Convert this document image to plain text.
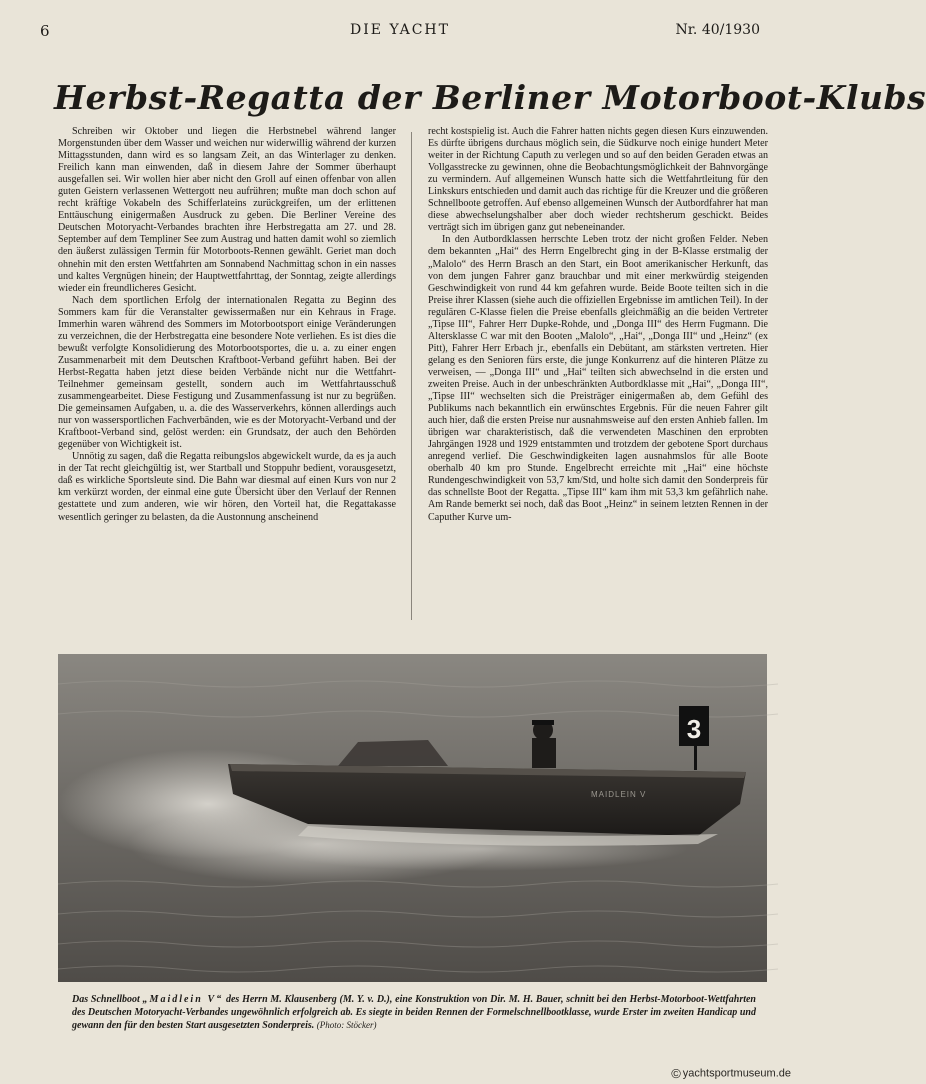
6	DIE YACHT	Nr. 40/1930
Herbst-Regatta der Berliner Motorboot-Klubs

Schreiben wir Oktober und liegen die Herbstnebel während langer Morgenstunden über dem Wasser und weichen nur widerwillig während der kurzen Mittagsstunden, dann wird es so langsam Zeit, an das Winterlager zu denken. Freilich kann man einwenden, daß in diesem Jahre der Sommer überhaupt ausgefallen sei. Wir wollen hier aber nicht den Groll auf einen offenbar von allen guten Geistern verlassenen Wettergott neu aufrühren; mußte man doch schon auf recht kräftige Vokabeln des Schifferlateins zurückgreifen, um der erlittenen Enttäuschung einigermaßen Ausdruck zu geben. Die Berliner Vereine des Deutschen Motoryacht-Verbandes brachten ihre Herbstregatta am 27. und 28. September auf dem Templiner See zum Austrag und hatten damit wohl so ziemlich den äußerst zulässigen Termin für Motorboots-Rennen gewählt. Geriet man doch ohnehin mit den ersten Wettfahrten am Sonnabend Nachmittag schon in ein nasses und kaltes Vergnügen hinein; der Hauptwettfahrttag, der Sonntag, zeigte allerdings wieder ein freundlicheres Gesicht.

Nach dem sportlichen Erfolg der internationalen Regatta zu Beginn des Sommers kam für die Veranstalter gewissermaßen nur ein Kehraus in Frage. Immerhin waren während des Sommers im Motorbootsport einige Veränderungen zu verzeichnen, die der Herbstregatta eine besondere Note verliehen. Es ist dies die bewußt verfolgte Konsolidierung des Motorbootsportes, die u. a. zu einer engen Zusammenarbeit mit dem Deutschen Kraftboot-Verband geführt haben. Bei der Herbst-Regatta haben jetzt diese beiden Verbände nicht nur die Wettfahrt-Teilnehmer gemeinsam gestellt, sondern auch im Wettfahrtausschuß zusammengearbeitet. Diese Festigung und Zusammenfassung ist nur zu begrüßen. Die gemeinsamen Aufgaben, u. a. die des Wasserverkehrs, können allerdings auch nur von wassersportlichen Fachverbänden, wie es der Motoryacht-Verband und der Kraftboot-Verband sind, gelöst werden: ein Grundsatz, der auch den Behörden gegenüber von Wichtigkeit ist.

Unnötig zu sagen, daß die Regatta reibungslos abgewickelt wurde, da es ja auch in der Tat recht gleichgültig ist, wer Startball und Stoppuhr bedient, vorausgesetzt, daß es wirkliche Sportsleute sind. Die Bahn war diesmal auf einen Kurs von nur 2 km verkürzt worden, der einmal eine gute Übersicht über den Verlauf der Rennen gestattete und zum anderen, wie wir hören, den Vorteil hat, die Regattakasse wesentlich geringer zu belasten, da die Austonnung anscheinend

recht kostspielig ist. Auch die Fahrer hatten nichts gegen diesen Kurs einzuwenden. Es dürfte übrigens durchaus möglich sein, die Südkurve noch einige hundert Meter weiter in der Richtung Caputh zu verlegen und so auf den beiden Geraden etwas an Vollgasstrecke zu gewinnen, ohne die Beobachtungsmöglichkeit der Bahnvorgänge zu vermindern. Auf allgemeinen Wunsch hatte sich die Wettfahrtleitung für den Linkskurs entschieden und damit auch das richtige für die Kreuzer und die größeren Schnellboote getroffen. Auf ebenso allgemeinen Wunsch der Autbordfahrer hat man diese abwechselungshalber aber doch wieder rechtsherum geschickt. Beides verträgt sich im übrigen ganz gut nebeneinander.

In den Autbordklassen herrschte Leben trotz der nicht großen Felder. Neben dem bekannten „Hai“ des Herrn Engelbrecht ging in der B-Klasse erstmalig der „Malolo“ des Herrn Brasch an den Start, ein Boot amerikanischer Herkunft, das von dem jungen Fahrer ganz brauchbar und mit einer merkwürdig steigenden Geschwindigkeit von rund 44 km gefahren wurde. Beide Boote teilten sich in die Preise ihrer Klassen (siehe auch die offiziellen Ergebnisse im amtlichen Teil). In der regulären C-Klasse fielen die Preise ebenfalls gleichmäßig an die beiden Vertreter „Tipse III“, Fahrer Herr Dupke-Rohde, und „Donga III“ des Herrn Fugmann. Die Altersklasse C war mit den Booten „Malolo“, „Hai“, „Donga III“ und „Heinz“ (ex Pitt), Fahrer Herr Erbach jr., ebenfalls ein Debütant, am stärksten vertreten. Hier gelang es den Senioren fürs erste, die junge Konkurrenz auf die hinteren Plätze zu verweisen, — „Donga III“ und „Hai“ teilten sich abwechselnd in die ersten und zweiten Preise. Auch in der unbeschränkten Autbordklasse mit „Hai“, „Donga III“, „Tipse III“ wechselten sich die Preisträger einigermaßen ab, dem Gefühl des Publikums nach bekanntlich ein erwünschtes Ergebnis. Für die neuen Fahrer gilt auch hier, daß die ersten Preise nur ausnahmsweise auf den ersten Anhieb fallen. Im übrigen war charakteristisch, daß die verwendeten Maschinen den erprobten Jahrgängen 1928 und 1929 entstammten und trotzdem der gebotene Sport durchaus anregend verlief. Die Geschwindigkeiten lagen ausnahmslos für alle Boote oberhalb 40 km pro Stunde. Engelbrecht erreichte mit „Hai“ eine höchste Rundengeschwindigkeit von 53,7 km/Std, und holte sich damit den Sonderpreis für das schnellste Boot der Regatta. „Tipse III“ kam ihm mit 53,3 km gefährlich nahe. Am Rande bemerkt sei noch, daß das Boot „Heinz“ in seinem letzten Rennen in der Caputher Kurve um-

MAIDLEIN V
3

Das Schnellboot „Maidlein V“ des Herrn M. Klausenberg (M. Y. v. D.), eine Konstruktion von Dir. M. H. Bauer, schnitt bei den Herbst-Motorboot-Wettfahrten des Deutschen Motoryacht-Verbandes ungewöhnlich erfolgreich ab. Es siegte in beiden Rennen der Formelschnellbootklasse, wurde Erster im zweiten Handicap und gewann den für den besten Start ausgesetzten Sonderpreis. (Photo: Stöcker)

© yachtsportmuseum.de
